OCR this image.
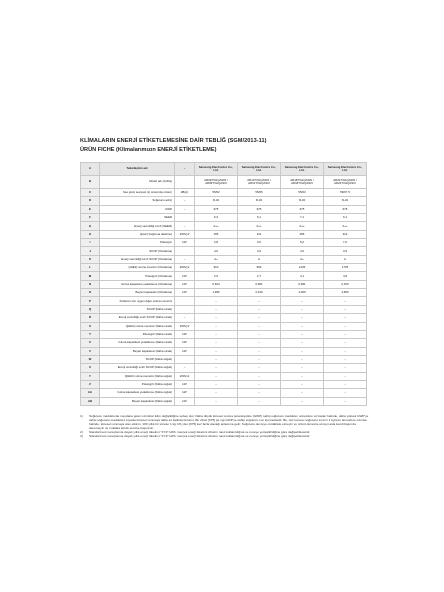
KLİMALARIN ENERJİ ETİKETLEMESİNE DAİR TEBLİĞ (SGM/2013-11)
ÜRÜN FICHE (Klimalarımızın ENERJİ ETİKETLEME)
A	Tedarikçinin adı	–	Samsung Electronics Co., Ltd.	Samsung Electronics Co., Ltd.	Samsung Electronics Co., Ltd.	Samsung Electronics Co., Ltd.
B	Model adı (İç/Dış)		AR09TXHQASIN / AR09TXHQASIX	AR12TXHQASIN / AR12TXHQASIX	AR18TXHQASIN / AR18TXHQASIX	AR24TXHQASIN / AR24TXHQASIX
C	Ses gücü seviyesi (iç ortam/dış ortam)	dB(A)	55/62	55/65	55/63	59/67.5
D	Soğutucu adı1)	–	R-32	R-32	R-32	R-32
E	GWP	–	675	675	675	675
F	SEER		6,3	6,1	7,1	6,1
G	Enerji verimliliği sınıfı (SEER)	–	A++	A++	A++	A++
H	Qce2) Soğutma talebine)	kWh/yıl	156	211	256	412
I	Pdesignc	kW	2,8	3,6	5,2	7,0
J	SCOP (Ortalama)		4,0	3,9	4,0	3,9
K	Enerji verimliliği sınıfı SCOP (Ortalama)	–	A+	A	A+	A
L	QHE3) ısıtma mevsimi (Ortalama)	kWh/yıl	910	969	1435	1725
M	Pdesignh (Ortalama)	kW	2,6	2,7	4,1	4,8
N	Isıtma kapasitesi yedekleme (Ortalama)	kW	0,604	0,681	0,991	0,150
O	Beyan kapasitesi (Ortalama)	kW	1,996	2,019	4,009	4,650
P	Kullanım için uygun diğer ısıtma mevsimi		–	–	–	–
Q	SCOP (Daha sıcak)		–	–	–	–
R	Enerji verimliliği sınıfı SCOP (Daha sıcak)	–	–	–	–	–
S	QHE3) ısıtma mevsimi (Daha sıcak)	kWh/yıl	–	–	–	–
T	Pdesignh (Daha sıcak)	kW	–	–	–	–
U	Isıtma kapasitesi yedekleme (Daha sıcak)	kW	–	–	–	–
V	Beyan kapasitesi (Daha sıcak)	kW	–	–	–	–
W	SCOP (Daha soğuk)		–	–	–	–
X	Enerji verimliliği sınıfı SCOP (Daha soğuk)	–	–	–	–	–
Y	QHE3) ısıtma mevsimi (Daha soğuk)	kWh/yıl	–	–	–	–
Z	Pdesignh (Daha soğuk)	kW	–	–	–	–
AA	Isıtma kapasitesi yedekleme (Daha soğuk)	kW	–	–	–	–
AB	Beyan kapasitesi (Daha soğuk)	kW	–	–	–	–
1)	Soğutucu maddelerde meydana gelen sızıntılar iklim değişikliğine sebep olur. Daha düşük küresel ısınma potansiyeline (GWP) sahip soğutucu maddeler, atmosfere sızmaları halinde, daha yüksek GWP'ye sahip soğutucu maddelere kıyasla küresel ısınmaya daha az katkıda bulunur. Bu cihaz [675] pe ngt GWP'ye sahip soğutucu sıvı içermektedir. Bu, söz konusu soğutucu sıvının 1 kg'lının atmosfere sızması halinde, küresel ısınmaya olan etkinin, 100 yıllık bir süreler 1 kg CO₂'den [675] kez fazla olacağı anlamına gelir. Soğutucu devreye müdahale etmeyin ve ürünü demonte etmeyi asla kendi başınıza denemeyin ve mutlaka teknik servise başvurun.
2)	Standart test sonuçlarına dayalı yıllık enerji tüketimi "XYZ" kWh. Gerçek enerji tüketimi cihazın nasıl kullanıldığına ve nereye yerleştirildiğine göre değişebilecektir.
3)	Standart test sonuçlarına dayalı yıllık enerji tüketimi "XYZ" kWh. Gerçek enerji tüketimi cihazın nasıl kullanıldığına ve nereye yerleştirildiğine göre değişebilecektir.
